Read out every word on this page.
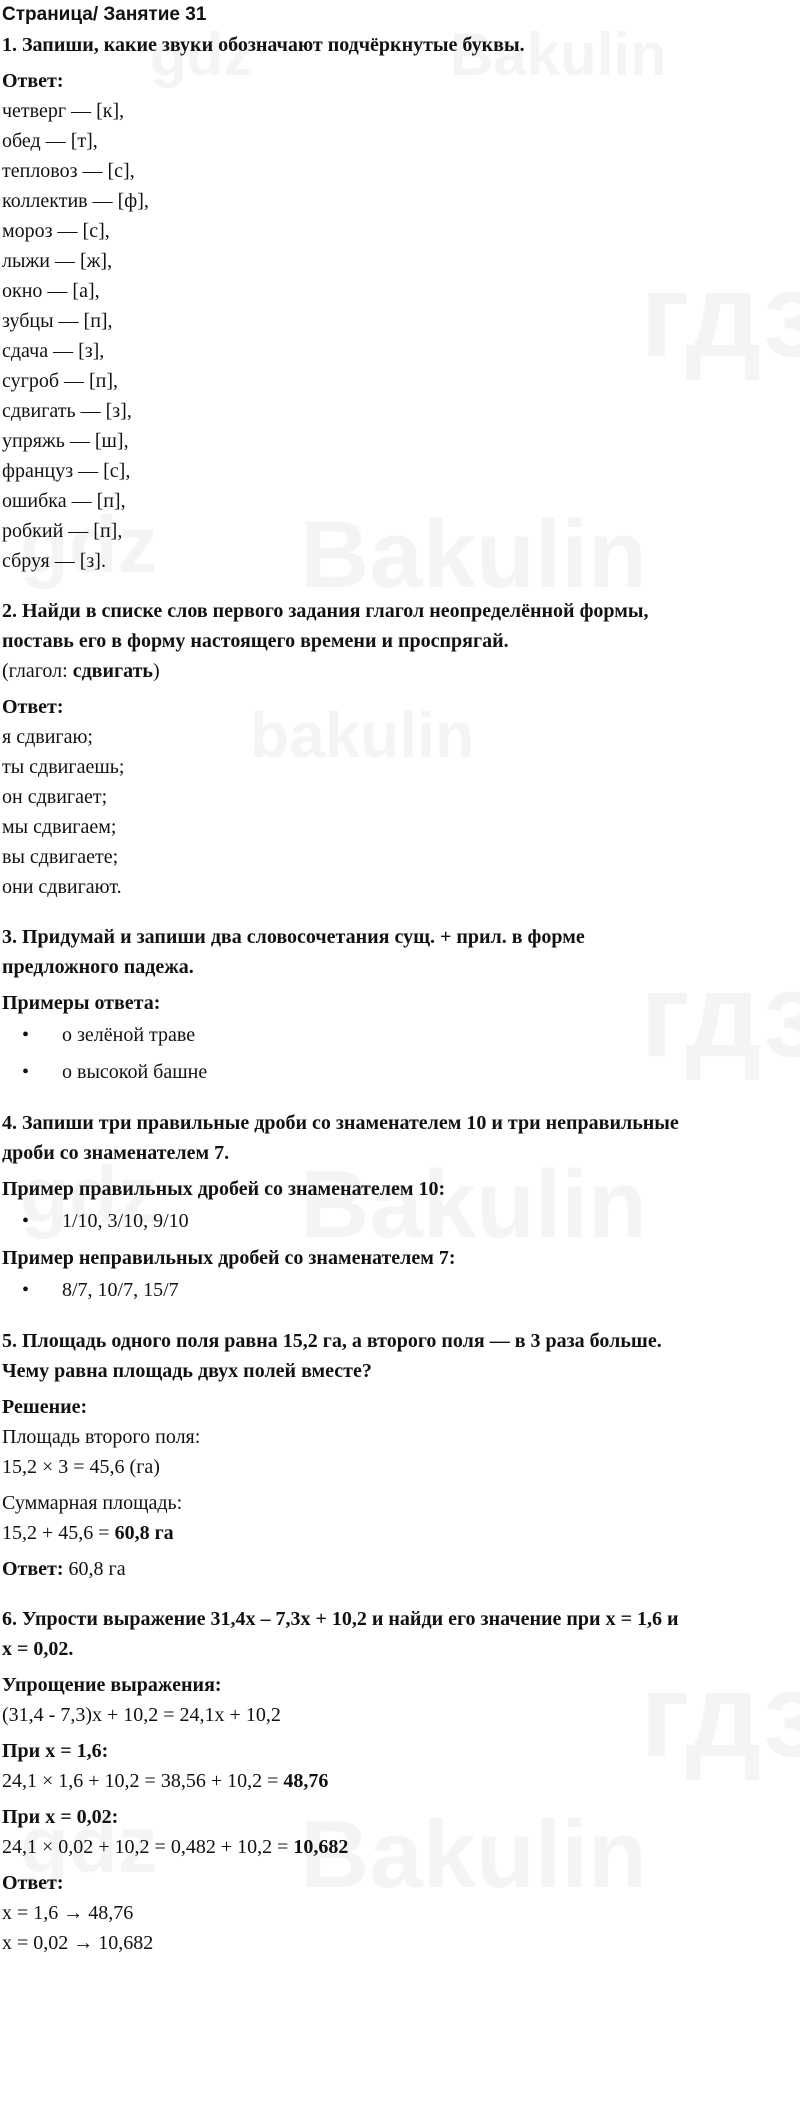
Страница/ Занятие 31

1. Запиши, какие звуки обозначают подчёркнутые буквы.

Ответ:

четверг — [к],
обед — [т],
тепловоз — [с],
коллектив — [ф],
мороз — [с],
лыжи — [ж],
окно — [а],
зубцы — [п],
сдача — [з],
сугроб — [п],
сдвигать — [з],
упряжь — [ш],
француз — [с],
ошибка — [п],
робкий — [п],
сбруя — [з].

2. Найди в списке слов первого задания глагол неопределённой формы,

поставь его в форму настоящего времени и проспрягай.

(глагол: сдвигать)

Ответ:

я сдвигаю;
ты сдвигаешь;
он сдвигает;
мы сдвигаем;
вы сдвигаете;
они сдвигают.

3. Придумай и запиши два словосочетания сущ. + прил. в форме

предложного падежа.

Примеры ответа:

• о зелёной траве
• о высокой башне

4. Запиши три правильные дроби со знаменателем 10 и три неправильные

дроби со знаменателем 7.

Пример правильных дробей со знаменателем 10:

• 1/10, 3/10, 9/10

Пример неправильных дробей со знаменателем 7:

• 8/7, 10/7, 15/7

5. Площадь одного поля равна 15,2 га, а второго поля — в 3 раза больше.

Чему равна площадь двух полей вместе?

Решение:

Площадь второго поля:

15,2 × 3 = 45,6 (га)

Суммарная площадь:

15,2 + 45,6 = 60,8 га

Ответ: 60,8 га

6. Упрости выражение 31,4x – 7,3x + 10,2 и найди его значение при x = 1,6 и

x = 0,02.

Упрощение выражения:

(31,4 - 7,3)x + 10,2 = 24,1x + 10,2

При x = 1,6:

24,1 × 1,6 + 10,2 = 38,56 + 10,2 = 48,76

При x = 0,02:

24,1 × 0,02 + 10,2 = 0,482 + 10,2 = 10,682

Ответ:

x = 1,6 → 48,76

x = 0,02 → 10,682
